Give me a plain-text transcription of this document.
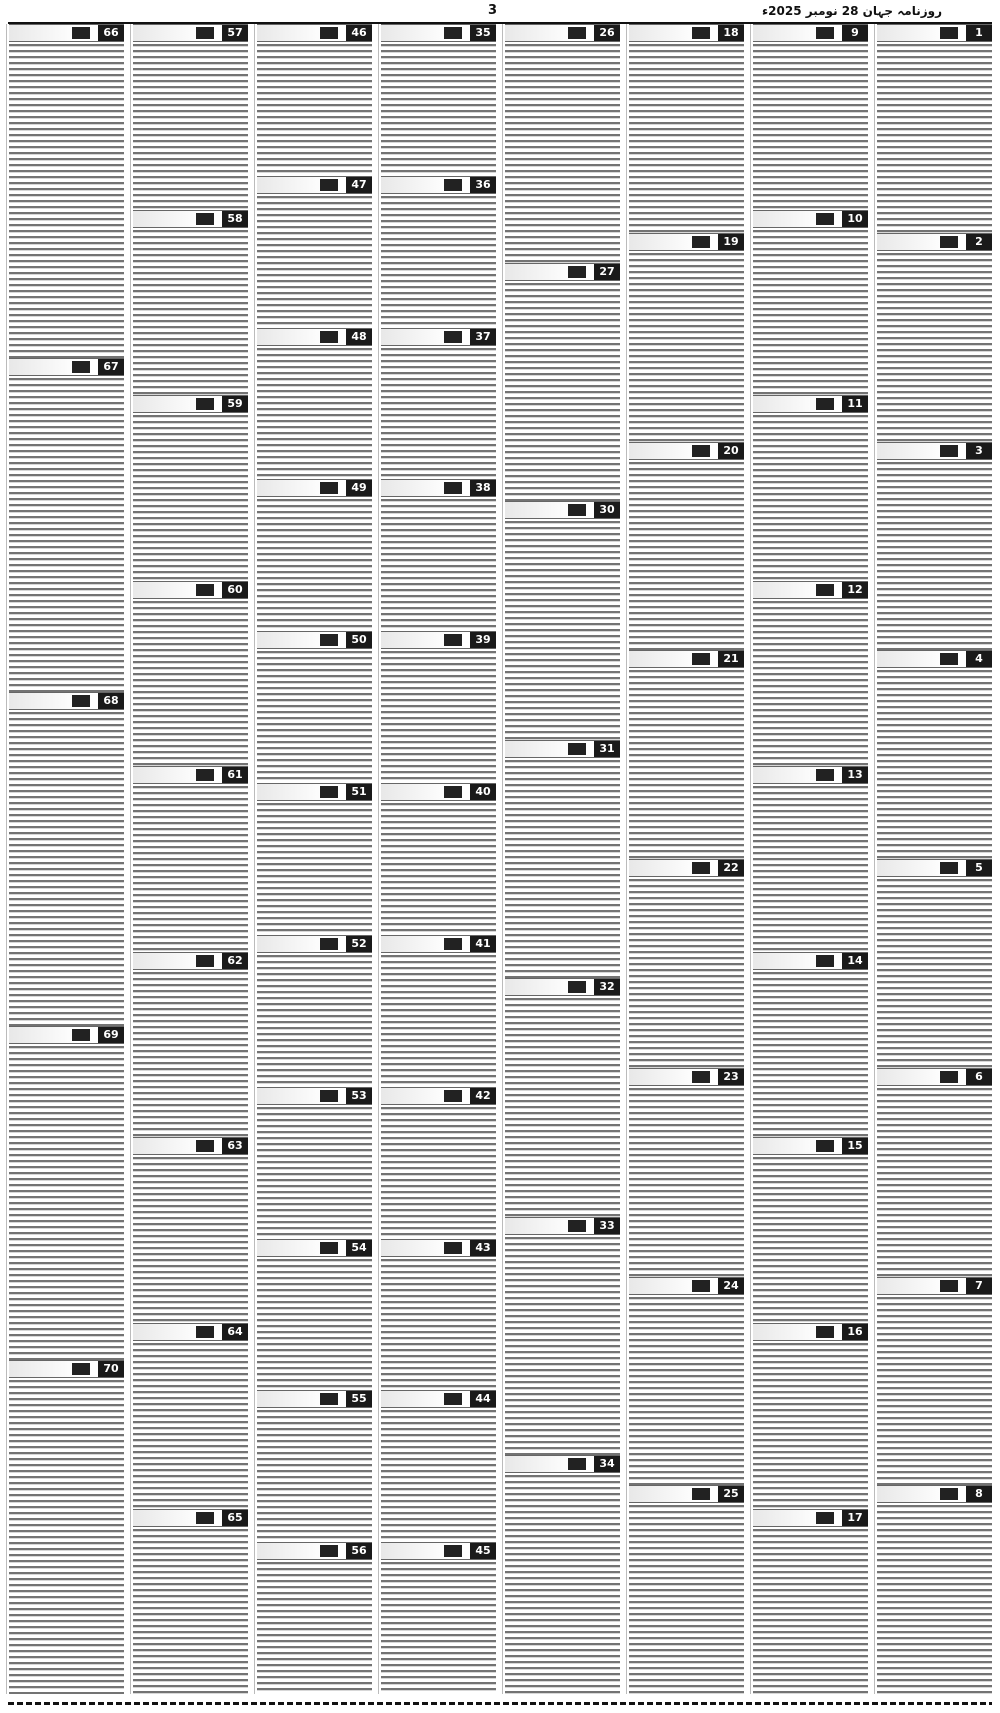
3	روزنامہ جہان 28 نومبر 2025ء
1
2
3
4
5
6
7
8
9
10
11
12
13
14
15
16
17
18
19
20
21
22
23
24
25
26
27
30
31
32
33
34
35
36
37
38
39
40
41
42
43
44
45
46
47
48
49
50
51
52
53
54
55
56
57
58
59
60
61
62
63
64
65
66
67
68
69
70
